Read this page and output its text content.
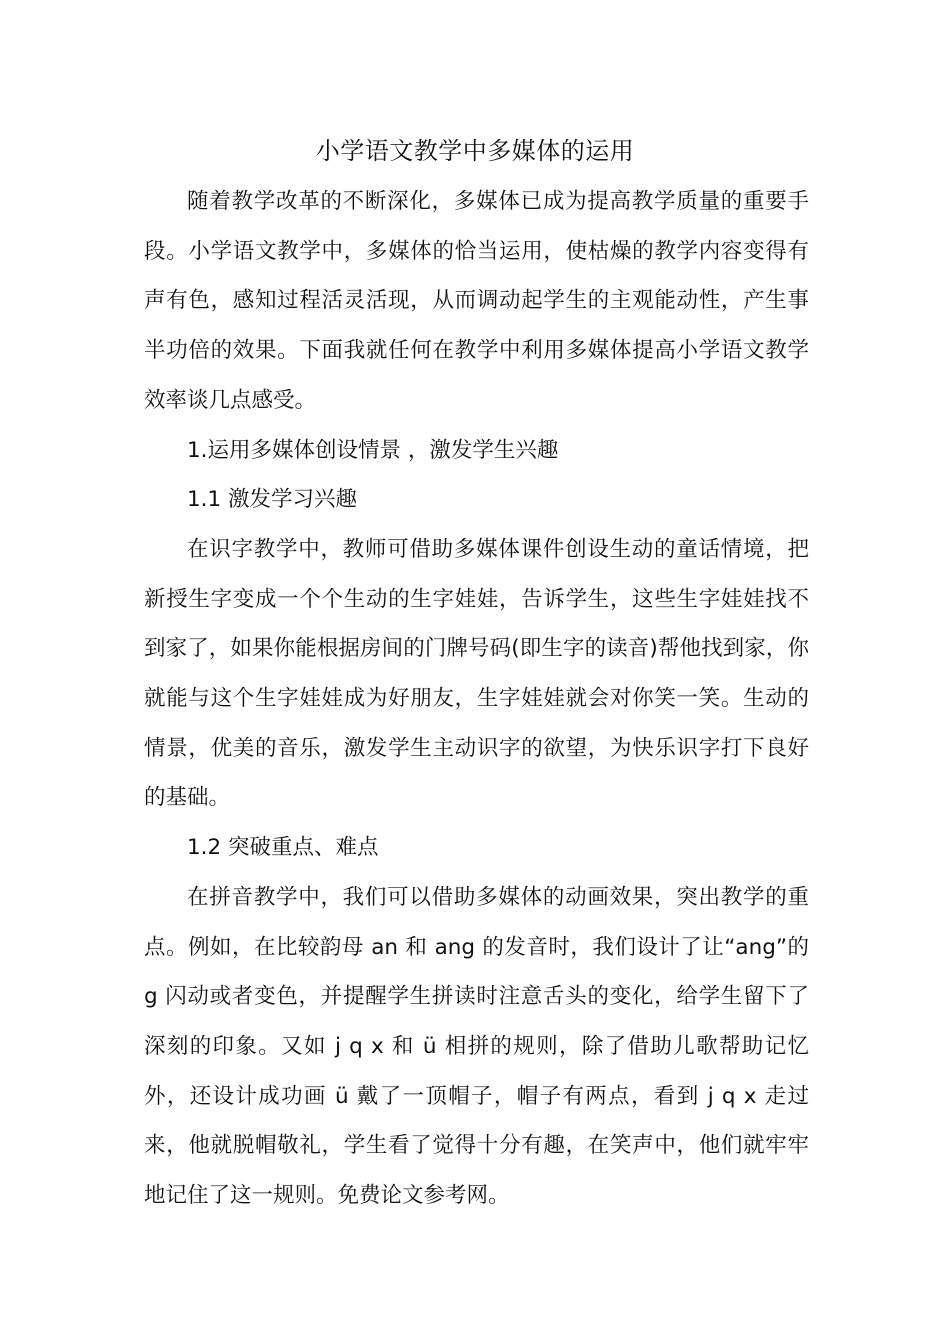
小学语文教学中多媒体的运用

随着教学改革的不断深化，多媒体已成为提高教学质量的重要手段。小学语文教学中，多媒体的恰当运用，使枯燥的教学内容变得有声有色，感知过程活灵活现，从而调动起学生的主观能动性，产生事半功倍的效果。下面我就任何在教学中利用多媒体提高小学语文教学效率谈几点感受。

1.运用多媒体创设情景 ，激发学生兴趣

1.1 激发学习兴趣

在识字教学中，教师可借助多媒体课件创设生动的童话情境，把新授生字变成一个个生动的生字娃娃，告诉学生，这些生字娃娃找不到家了，如果你能根据房间的门牌号码(即生字的读音)帮他找到家，你就能与这个生字娃娃成为好朋友，生字娃娃就会对你笑一笑。生动的情景，优美的音乐，激发学生主动识字的欲望，为快乐识字打下良好的基础。

1.2 突破重点、难点

在拼音教学中，我们可以借助多媒体的动画效果，突出教学的重点。例如，在比较韵母 an 和 ang 的发音时，我们设计了让“ang”的 g 闪动或者变色，并提醒学生拼读时注意舌头的变化，给学生留下了深刻的印象。又如 j q x 和 ü 相拼的规则，除了借助儿歌帮助记忆外，还设计成功画 ü 戴了一顶帽子，帽子有两点，看到 j q x 走过来，他就脱帽敬礼，学生看了觉得十分有趣，在笑声中，他们就牢牢地记住了这一规则。免费论文参考网。
